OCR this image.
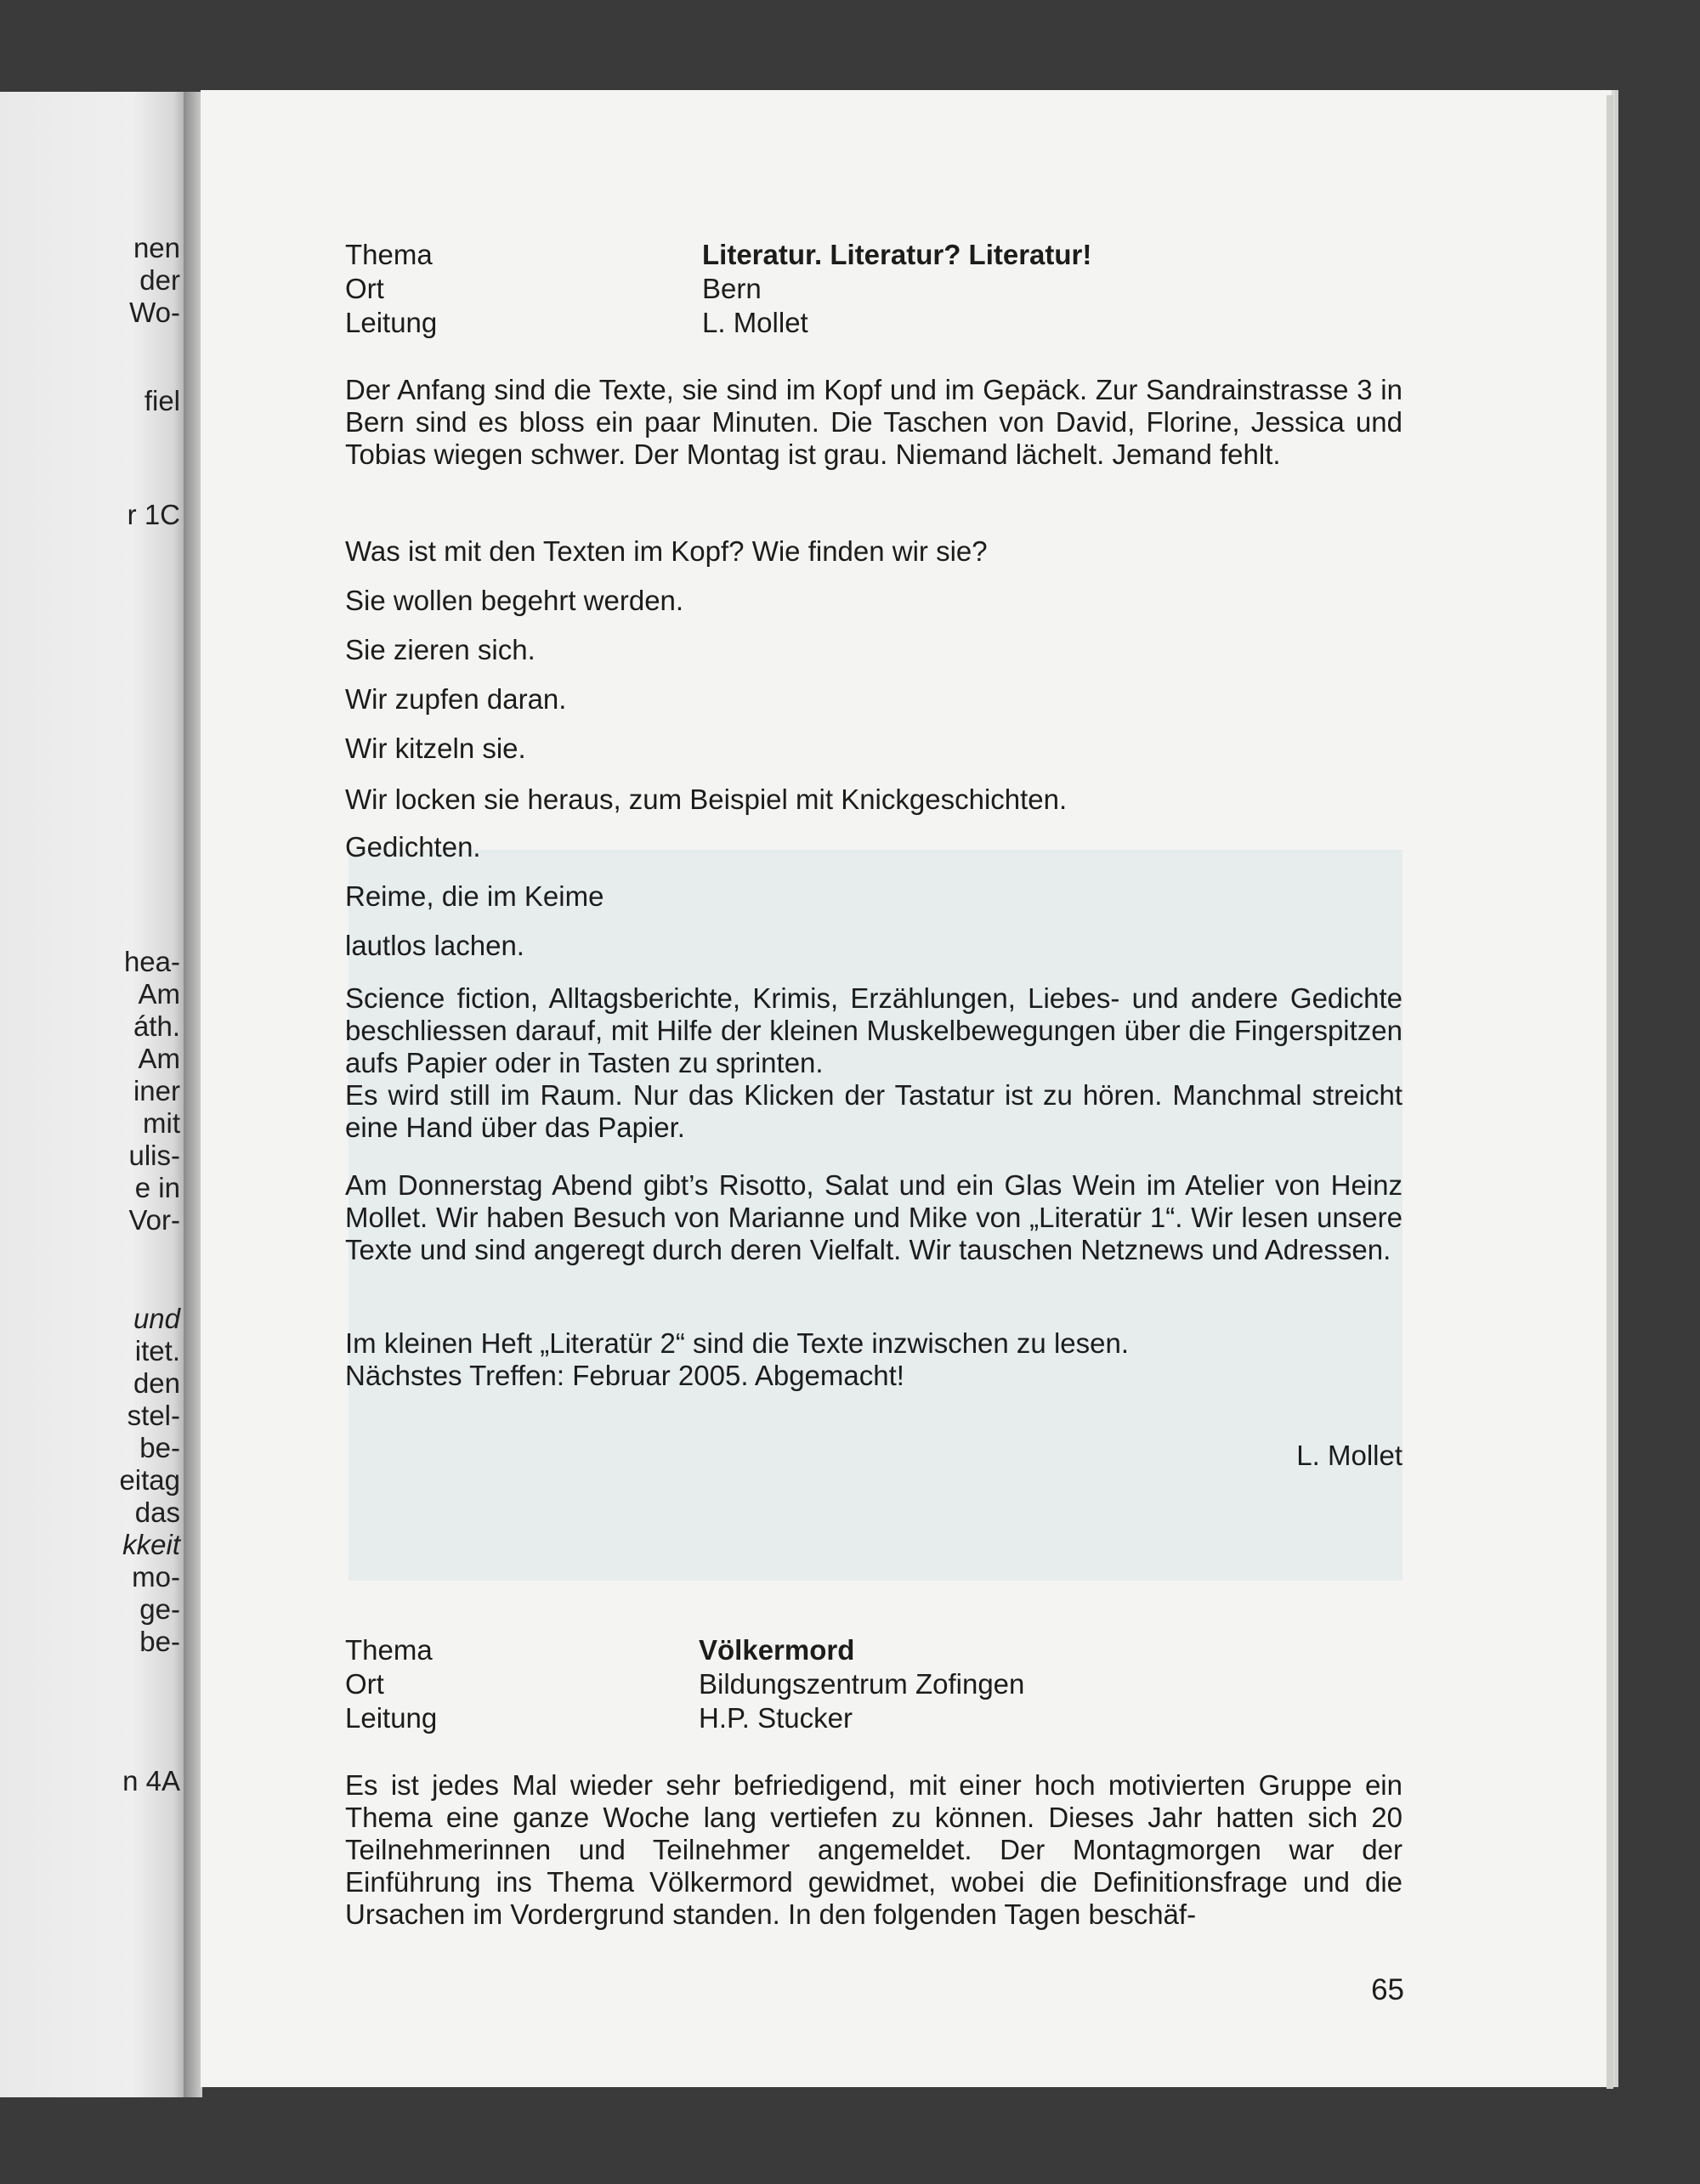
nen
der
Wo-
fiel
r 1C
hea-
Am
áth.
Am
iner
mit
ulis-
e in
Vor-
und
itet.
den
stel-
be-
eitag
das
kkeit
mo-
ge-
be-
n 4A
Thema	Literatur. Literatur? Literatur!
Ort	Bern
Leitung	L. Mollet

Der Anfang sind die Texte, sie sind im Kopf und im Gepäck. Zur Sandrainstrasse 3 in Bern sind es bloss ein paar Minuten. Die Taschen von David, Florine, Jessica und Tobias wiegen schwer. Der Montag ist grau. Niemand lächelt. Jemand fehlt.

Was ist mit den Texten im Kopf? Wie finden wir sie?
Sie wollen begehrt werden.
Sie zieren sich.
Wir zupfen daran.
Wir kitzeln sie.
Wir locken sie heraus, zum Beispiel mit Knickgeschichten.
Gedichten.
Reime, die im Keime
lautlos lachen.

Science fiction, Alltagsberichte, Krimis, Erzählungen, Liebes- und andere Gedichte beschliessen darauf, mit Hilfe der kleinen Muskelbewegungen über die Fingerspitzen aufs Papier oder in Tasten zu sprinten.

Es wird still im Raum. Nur das Klicken der Tastatur ist zu hören. Manchmal streicht eine Hand über das Papier.

Am Donnerstag Abend gibt’s Risotto, Salat und ein Glas Wein im Atelier von Heinz Mollet. Wir haben Besuch von Marianne und Mike von „Literatür 1“. Wir lesen unsere Texte und sind angeregt durch deren Vielfalt. Wir tauschen Netznews und Adressen.

Im kleinen Heft „Literatür 2“ sind die Texte inzwischen zu lesen.
Nächstes Treffen: Februar 2005. Abgemacht!
L. Mollet
Thema	Völkermord
Ort	Bildungszentrum Zofingen
Leitung	H.P. Stucker

Es ist jedes Mal wieder sehr befriedigend, mit einer hoch motivierten Gruppe ein Thema eine ganze Woche lang vertiefen zu können. Dieses Jahr hatten sich 20 Teilnehmerinnen und Teilnehmer angemeldet. Der Montagmorgen war der Einführung ins Thema Völkermord gewidmet, wobei die Definitionsfrage und die Ursachen im Vordergrund standen. In den folgenden Tagen beschäf-

65
